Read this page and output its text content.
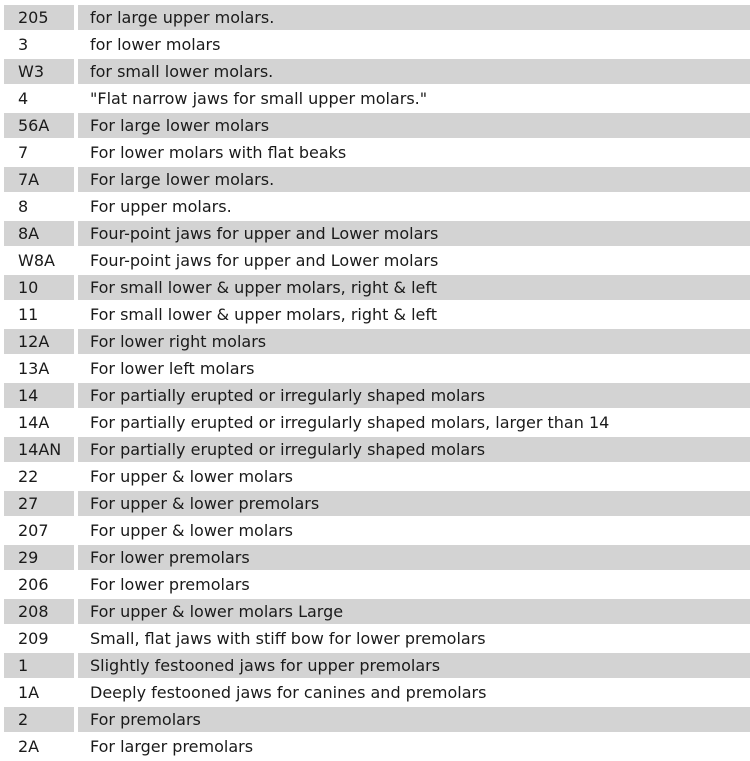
205	for large upper molars.
3	for lower molars
W3	for small lower molars.
4	"Flat narrow jaws for small upper molars."
56A	For large lower molars
7	For lower molars with flat beaks
7A	For large lower molars.
8	For upper molars.
8A	Four-point jaws for upper and Lower molars
W8A	Four-point jaws for upper and Lower molars
10	For small lower & upper molars, right & left
11	For small lower & upper molars, right & left
12A	For lower right molars
13A	For lower left molars
14	For partially erupted or irregularly shaped molars
14A	For partially erupted or irregularly shaped molars, larger than 14
14AN	For partially erupted or irregularly shaped molars
22	For upper & lower molars
27	For upper & lower premolars
207	For upper & lower molars
29	For lower premolars
206	For lower premolars
208	For upper & lower molars Large
209	Small, flat jaws with stiff bow for lower premolars
1	Slightly festooned jaws for upper premolars
1A	Deeply festooned jaws for canines and premolars
2	For premolars
2A	For larger premolars
